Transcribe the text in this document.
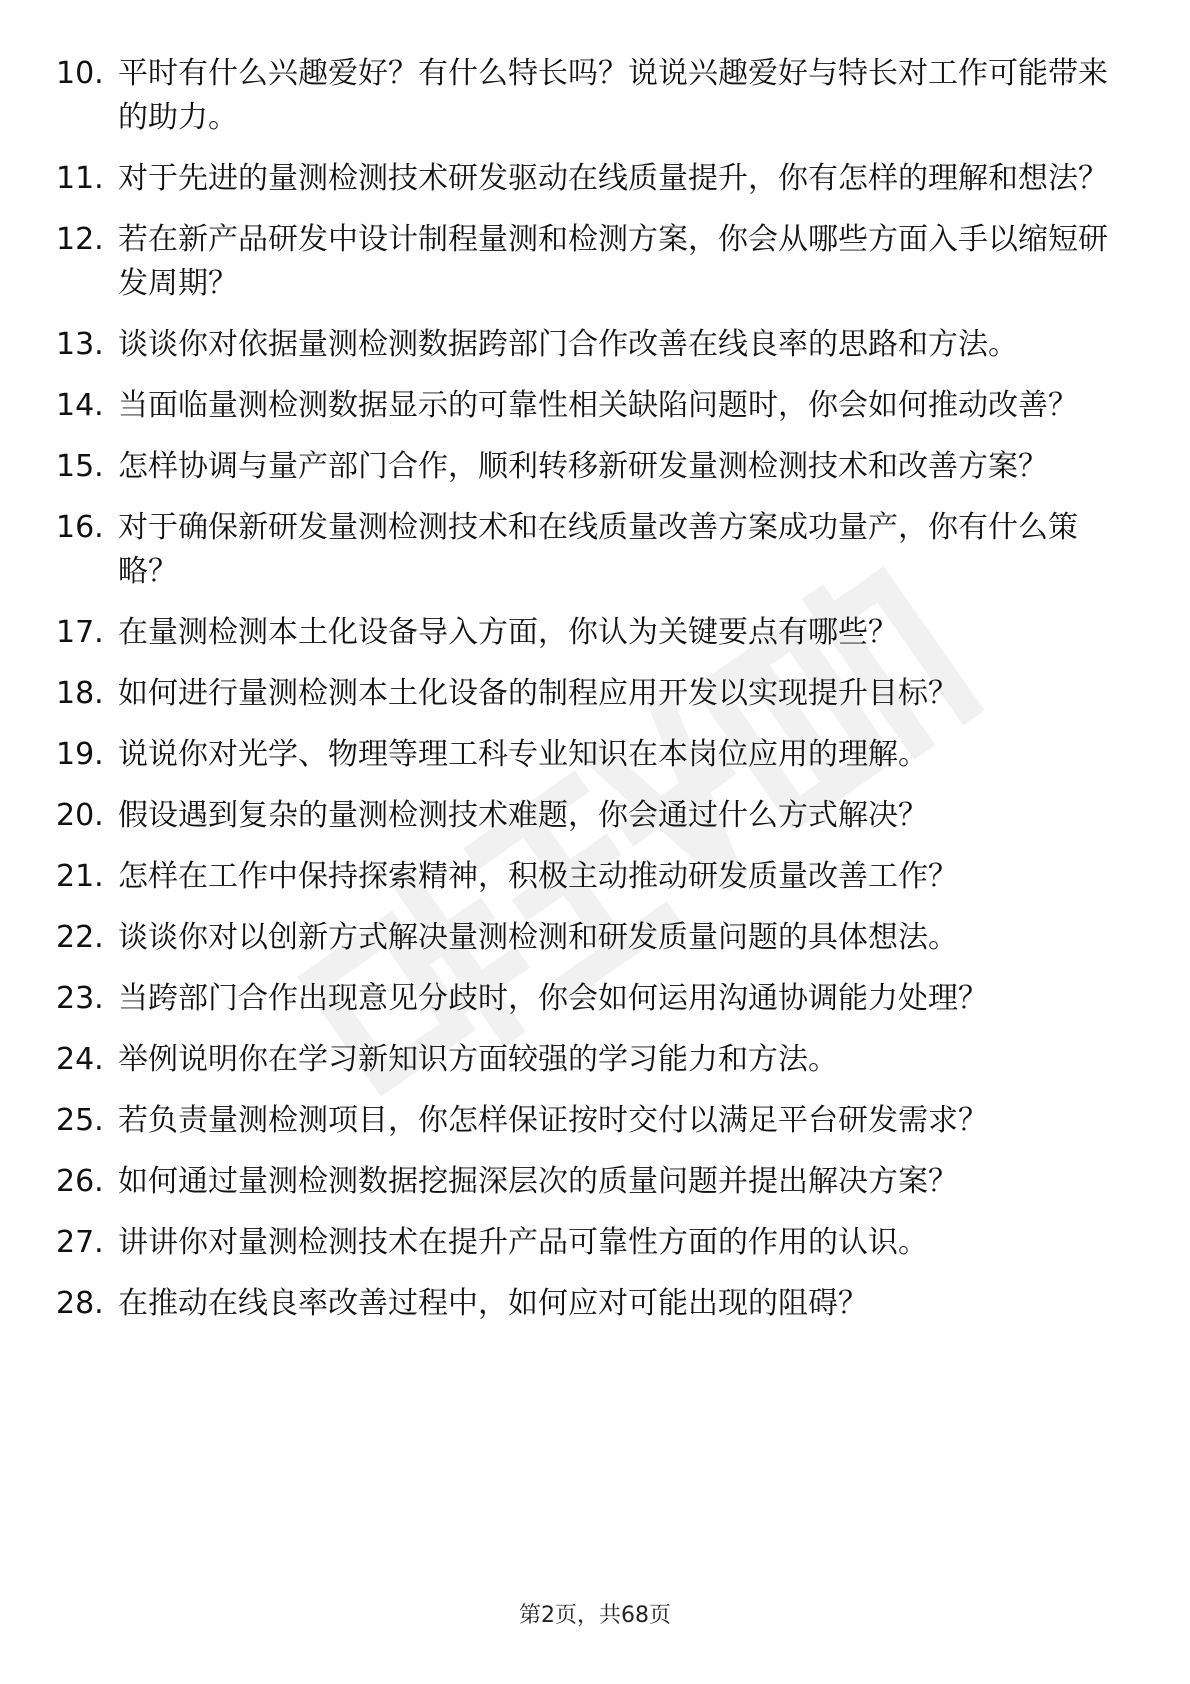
10. 平时有什么兴趣爱好？有什么特长吗？说说兴趣爱好与特长对工作可能带来的助力。
11. 对于先进的量测检测技术研发驱动在线质量提升，你有怎样的理解和想法？
12. 若在新产品研发中设计制程量测和检测方案，你会从哪些方面入手以缩短研发周期？
13. 谈谈你对依据量测检测数据跨部门合作改善在线良率的思路和方法。
14. 当面临量测检测数据显示的可靠性相关缺陷问题时，你会如何推动改善？
15. 怎样协调与量产部门合作，顺利转移新研发量测检测技术和改善方案？
16. 对于确保新研发量测检测技术和在线质量改善方案成功量产，你有什么策略？
17. 在量测检测本土化设备导入方面，你认为关键要点有哪些？
18. 如何进行量测检测本土化设备的制程应用开发以实现提升目标？
19. 说说你对光学、物理等理工科专业知识在本岗位应用的理解。
20. 假设遇到复杂的量测检测技术难题，你会通过什么方式解决？
21. 怎样在工作中保持探索精神，积极主动推动研发质量改善工作？
22. 谈谈你对以创新方式解决量测检测和研发质量问题的具体想法。
23. 当跨部门合作出现意见分歧时，你会如何运用沟通协调能力处理？
24. 举例说明你在学习新知识方面较强的学习能力和方法。
25. 若负责量测检测项目，你怎样保证按时交付以满足平台研发需求？
26. 如何通过量测检测数据挖掘深层次的质量问题并提出解决方案？
27. 讲讲你对量测检测技术在提升产品可靠性方面的作用的认识。
28. 在推动在线良率改善过程中，如何应对可能出现的阻碍？
第2页，共68页
